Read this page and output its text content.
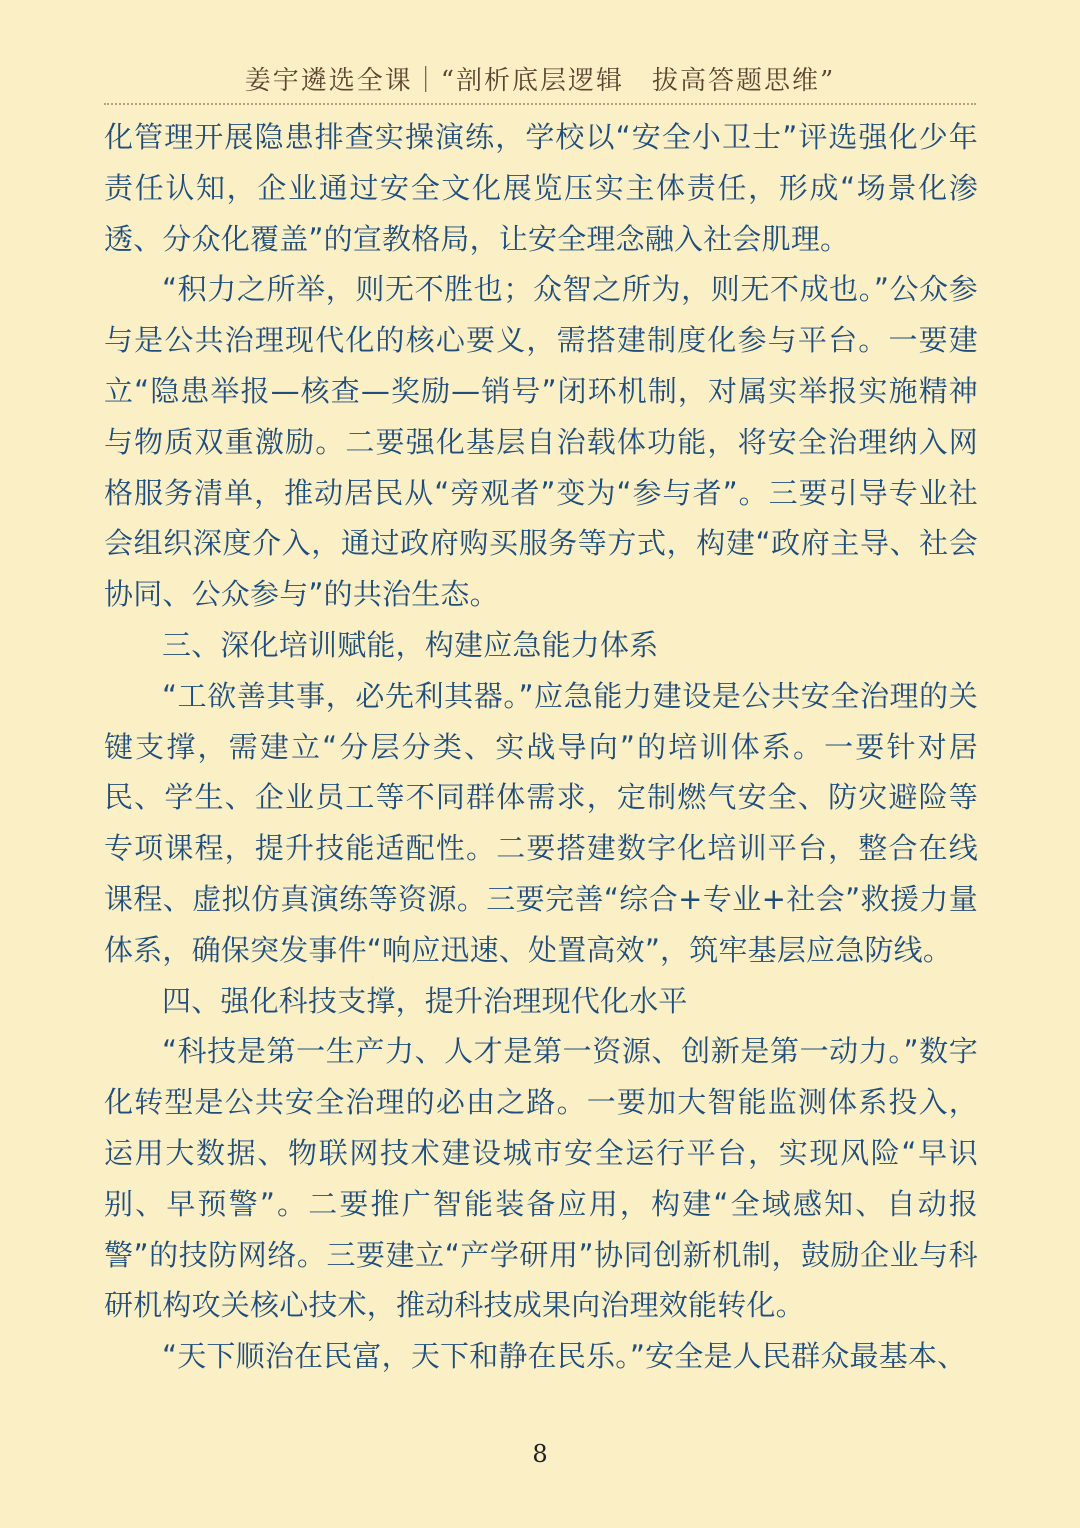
姜宇遴选全课｜“剖析底层逻辑　拔高答题思维”

化管理开展隐患排查实操演练，学校以“安全小卫士”评选强化少年责任认知，企业通过安全文化展览压实主体责任，形成“场景化渗透、分众化覆盖”的宣教格局，让安全理念融入社会肌理。

“积力之所举，则无不胜也；众智之所为，则无不成也。”公众参与是公共治理现代化的核心要义，需搭建制度化参与平台。一要建立“隐患举报—核查—奖励—销号”闭环机制，对属实举报实施精神与物质双重激励。二要强化基层自治载体功能，将安全治理纳入网格服务清单，推动居民从“旁观者”变为“参与者”。三要引导专业社会组织深度介入，通过政府购买服务等方式，构建“政府主导、社会协同、公众参与”的共治生态。

三、深化培训赋能，构建应急能力体系

“工欲善其事，必先利其器。”应急能力建设是公共安全治理的关键支撑，需建立“分层分类、实战导向”的培训体系。一要针对居民、学生、企业员工等不同群体需求，定制燃气安全、防灾避险等专项课程，提升技能适配性。二要搭建数字化培训平台，整合在线课程、虚拟仿真演练等资源。三要完善“综合+专业+社会”救援力量体系，确保突发事件“响应迅速、处置高效”，筑牢基层应急防线。

四、强化科技支撑，提升治理现代化水平

“科技是第一生产力、人才是第一资源、创新是第一动力。”数字化转型是公共安全治理的必由之路。一要加大智能监测体系投入，运用大数据、物联网技术建设城市安全运行平台，实现风险“早识别、早预警”。二要推广智能装备应用，构建“全域感知、自动报警”的技防网络。三要建立“产学研用”协同创新机制，鼓励企业与科研机构攻关核心技术，推动科技成果向治理效能转化。

“天下顺治在民富，天下和静在民乐。”安全是人民群众最基本、

8
